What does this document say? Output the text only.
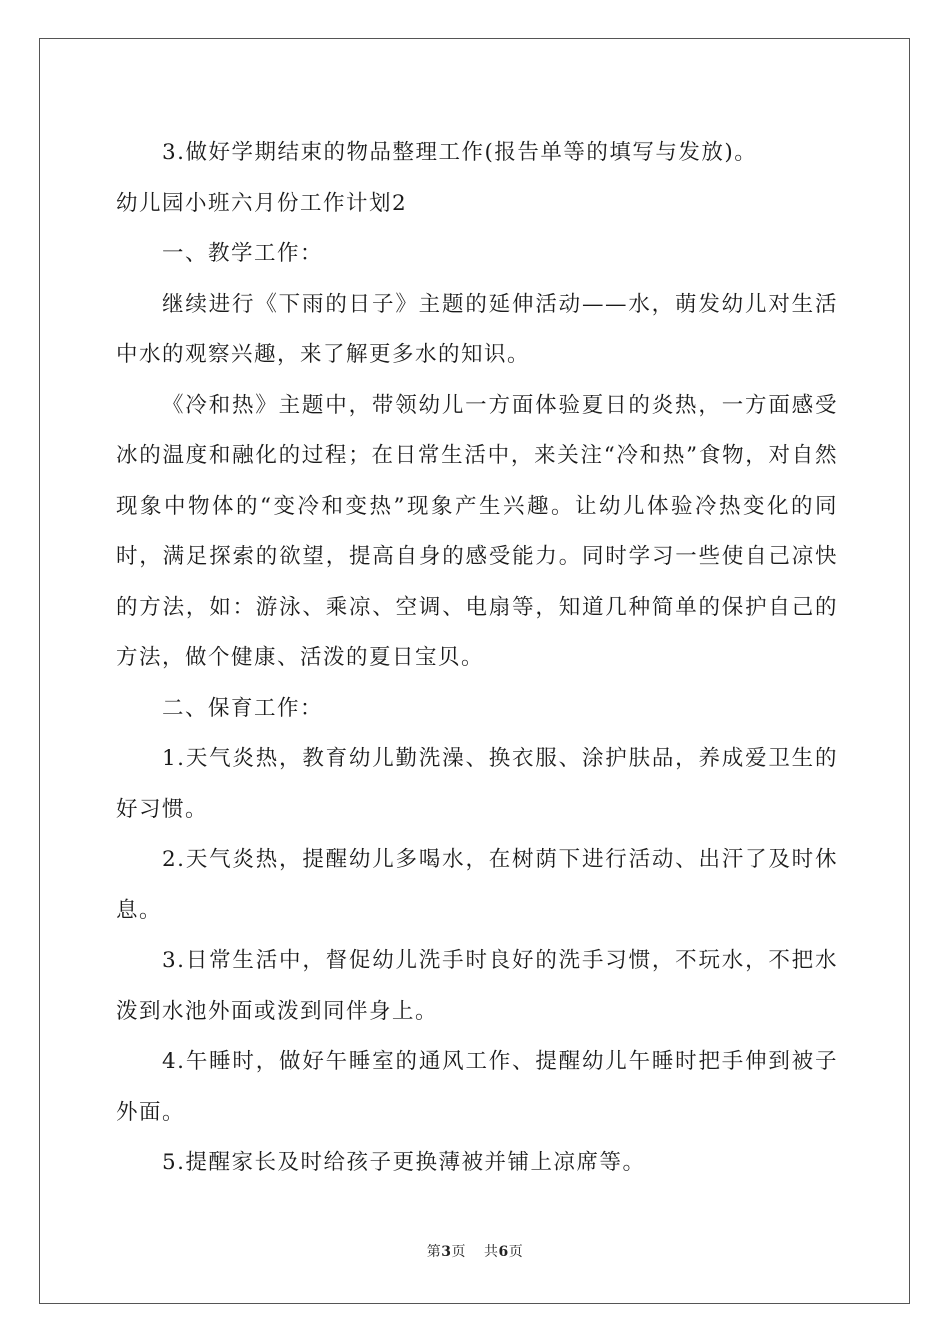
3.做好学期结束的物品整理工作(报告单等的填写与发放)。

幼儿园小班六月份工作计划2

一、教学工作：

继续进行《下雨的日子》主题的延伸活动——水，萌发幼儿对生活中水的观察兴趣，来了解更多水的知识。

《冷和热》主题中，带领幼儿一方面体验夏日的炎热，一方面感受冰的温度和融化的过程；在日常生活中，来关注“冷和热”食物，对自然现象中物体的“变冷和变热”现象产生兴趣。让幼儿体验冷热变化的同时，满足探索的欲望，提高自身的感受能力。同时学习一些使自己凉快的方法，如：游泳、乘凉、空调、电扇等，知道几种简单的保护自己的方法，做个健康、活泼的夏日宝贝。

二、保育工作：

1.天气炎热，教育幼儿勤洗澡、换衣服、涂护肤品，养成爱卫生的好习惯。

2.天气炎热，提醒幼儿多喝水，在树荫下进行活动、出汗了及时休息。

3.日常生活中，督促幼儿洗手时良好的洗手习惯，不玩水，不把水泼到水池外面或泼到同伴身上。

4.午睡时，做好午睡室的通风工作、提醒幼儿午睡时把手伸到被子外面。

5.提醒家长及时给孩子更换薄被并铺上凉席等。

第3页 共6页
